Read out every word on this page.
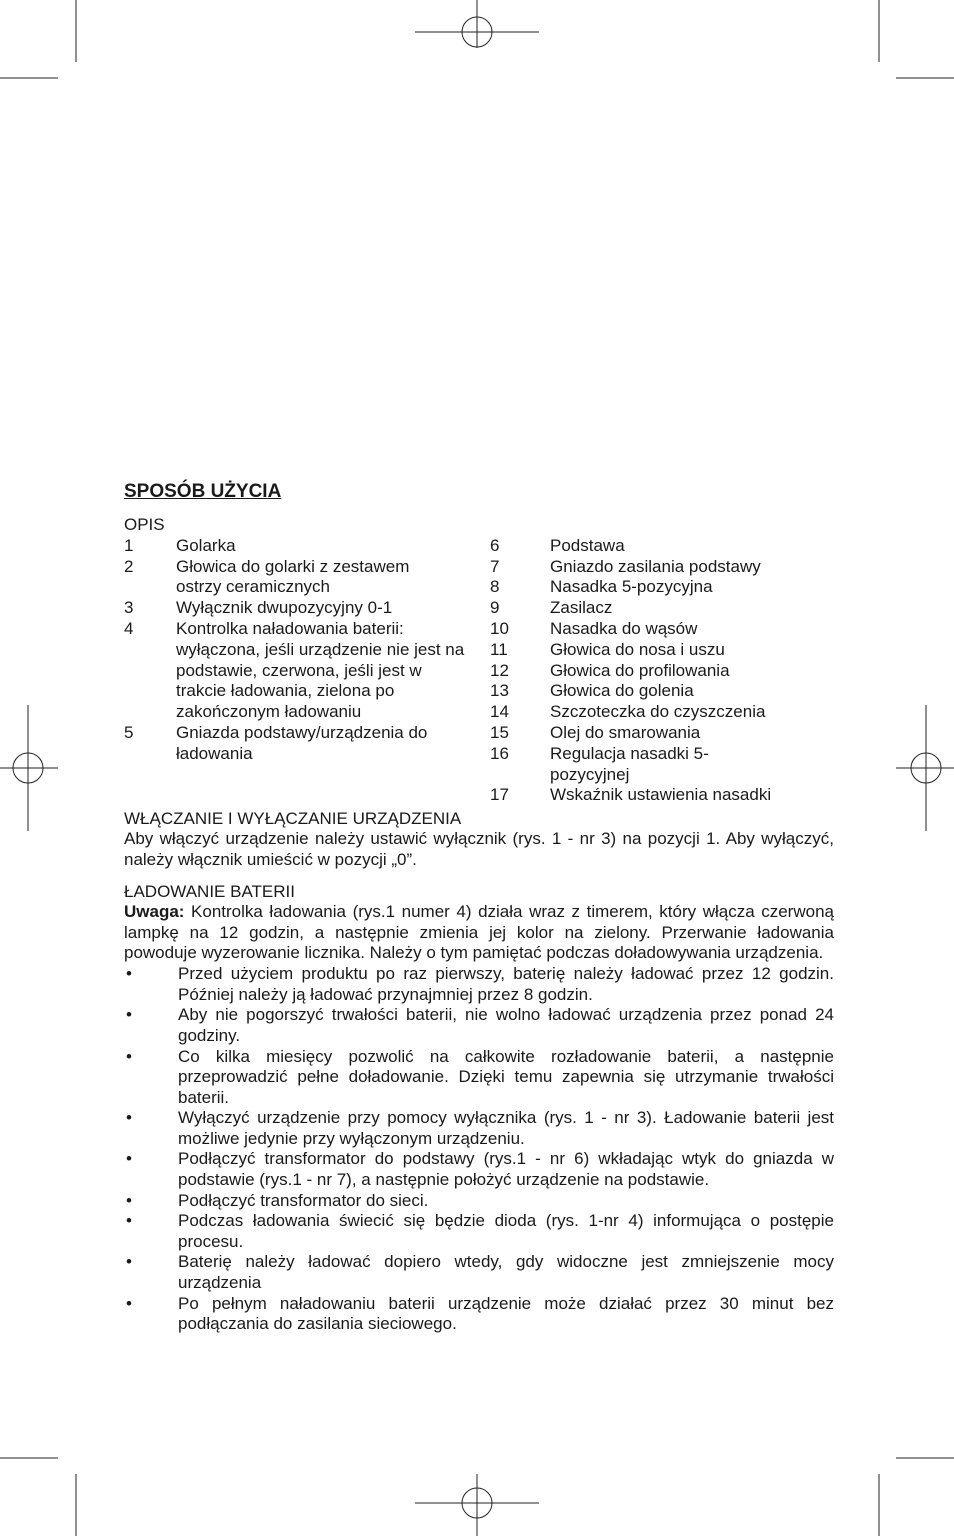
SPOSÓB UŻYCIA
OPIS
1	Golarka
2	Głowica do golarki z zestawem ostrzy ceramicznych
3	Wyłącznik dwupozycyjny 0-1
4	Kontrolka naładowania baterii: wyłączona, jeśli urządzenie nie jest na podstawie, czerwona, jeśli jest w trakcie ładowania, zielona po zakończonym ładowaniu
5	Gniazda podstawy/urządzenia do ładowania
6	Podstawa
7	Gniazdo zasilania podstawy
8	Nasadka 5-pozycyjna
9	Zasilacz
10	Nasadka do wąsów
11	Głowica do nosa i uszu
12	Głowica do profilowania
13	Głowica do golenia
14	Szczoteczka do czyszczenia
15	Olej do smarowania
16	Regulacja nasadki 5-pozycyjnej
17	Wskaźnik ustawienia nasadki
WŁĄCZANIE I WYŁĄCZANIE URZĄDZENIA
Aby włączyć urządzenie należy ustawić wyłącznik (rys. 1 - nr 3) na pozycji 1. Aby wyłączyć, należy włącznik umieścić w pozycji „0”.
ŁADOWANIE BATERII
Uwaga: Kontrolka ładowania (rys.1 numer 4) działa wraz z timerem, który włącza czerwoną lampkę na 12 godzin, a następnie zmienia jej kolor na zielony. Przerwanie ładowania powoduje wyzerowanie licznika. Należy o tym pamiętać podczas doładowywania urządzenia.
•	Przed użyciem produktu po raz pierwszy, baterię należy ładować przez 12 godzin. Później należy ją ładować przynajmniej przez 8 godzin.
•	Aby nie pogorszyć trwałości baterii, nie wolno ładować urządzenia przez ponad 24 godziny.
•	Co kilka miesięcy pozwolić na całkowite rozładowanie baterii, a następnie przeprowadzić pełne doładowanie. Dzięki temu zapewnia się utrzymanie trwałości baterii.
•	Wyłączyć urządzenie przy pomocy wyłącznika (rys. 1 - nr 3). Ładowanie baterii jest możliwe jedynie przy wyłączonym urządzeniu.
•	Podłączyć transformator do podstawy (rys.1 - nr 6) wkładając wtyk do gniazda w podstawie (rys.1 - nr 7), a następnie położyć urządzenie na podstawie.
•	Podłączyć transformator do sieci.
•	Podczas ładowania świecić się będzie dioda (rys. 1-nr 4) informująca o postępie procesu.
•	Baterię należy ładować dopiero wtedy, gdy widoczne jest zmniejszenie mocy urządzenia
•	Po pełnym naładowaniu baterii urządzenie może działać przez 30 minut bez podłączania do zasilania sieciowego.
